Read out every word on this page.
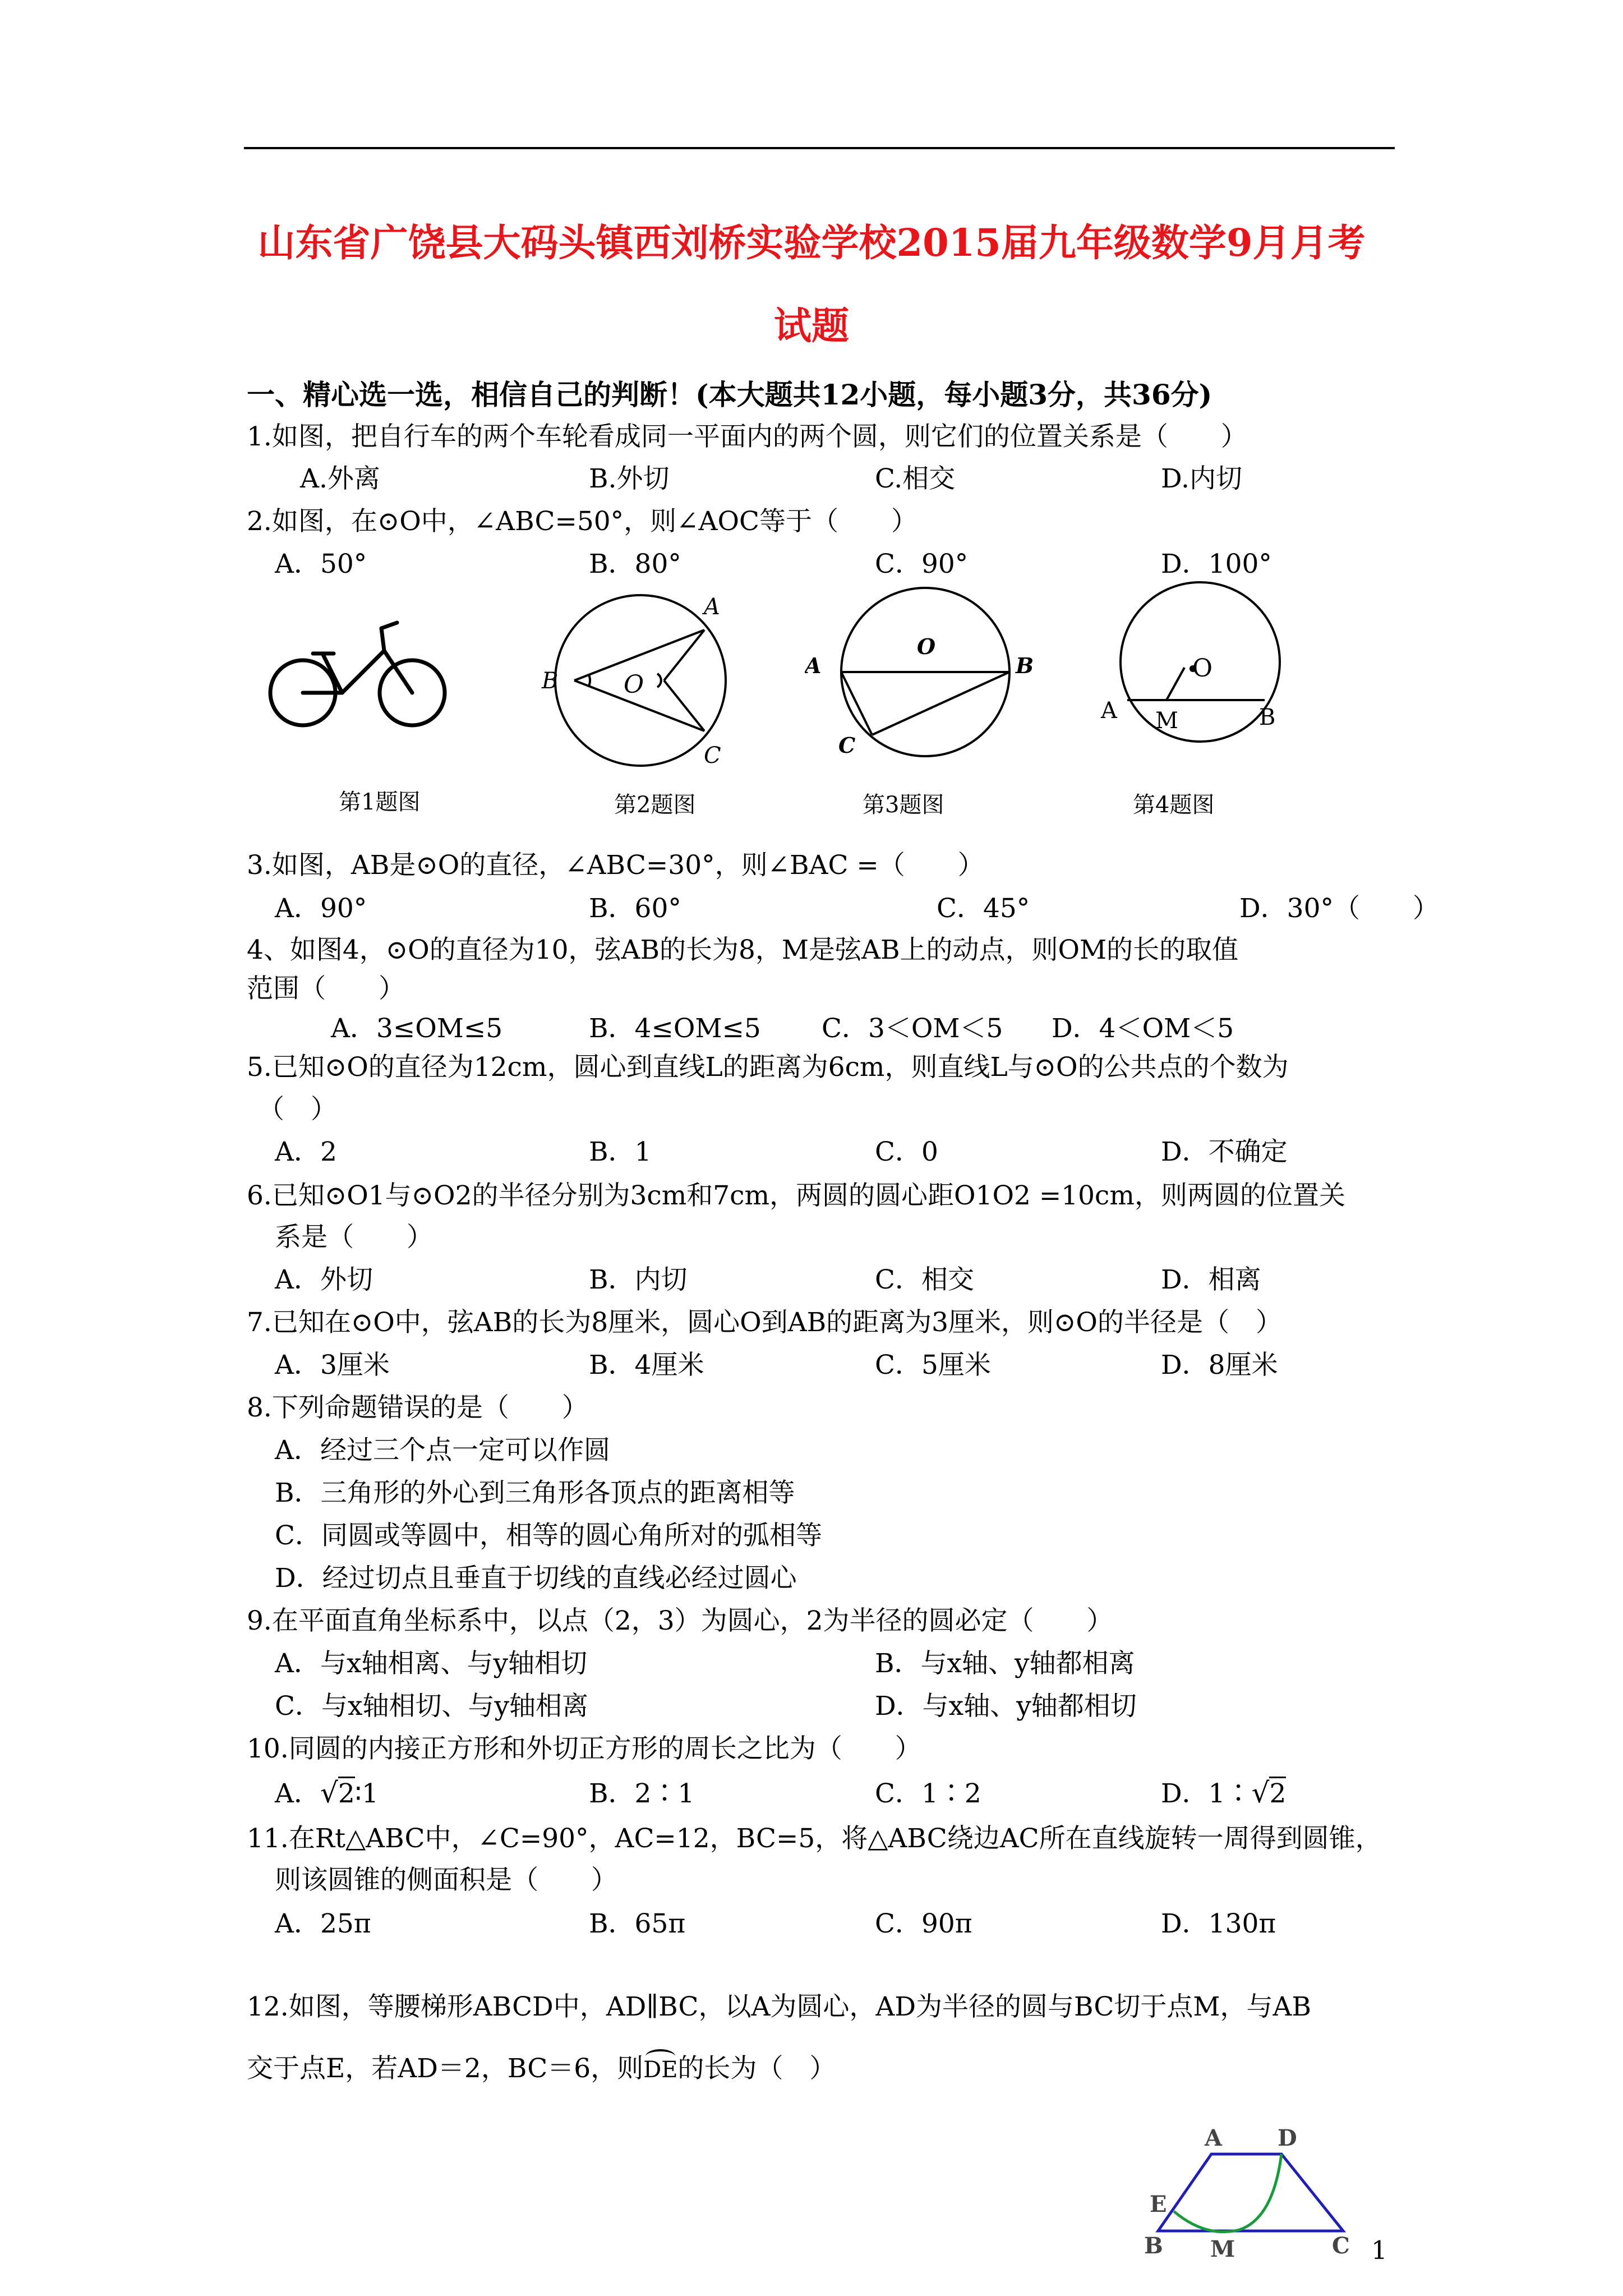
山东省广饶县大码头镇西刘桥实验学校2015届九年级数学9月月考
试题
一、精心选一选，相信自己的判断！(本大题共12小题，每小题3分，共36分)
1.如图，把自行车的两个车轮看成同一平面内的两个圆，则它们的位置关系是（　　）
A.外离	B.外切	C.相交	D.内切
2.如图，在⊙O中，∠ABC=50°，则∠AOC等于（　　）
A．50°	B．80°	C．90°	D．100°
第1题图
A
B
C
O
第2题图
A	B
C
O
第3题图
O
A M	B
第4题图
3.如图，AB是⊙O的直径，∠ABC=30°，则∠BAC =（　　）
A．90°	B．60°	C．45°	D．30°（　　）
4、如图4，⊙O的直径为10，弦AB的长为8，M是弦AB上的动点，则OM的长的取值
范围（　　）
A．3≤OM≤5	B．4≤OM≤5 C．3＜OM＜5 D．4＜OM＜5
5.已知⊙O的直径为12cm，圆心到直线L的距离为6cm，则直线L与⊙O的公共点的个数为
（　）
A．2	B．1	C．0	D．不确定
6.已知⊙O1与⊙O2的半径分别为3cm和7cm，两圆的圆心距O1O2 =10cm，则两圆的位置关
系是（　　）
A．外切	B．内切	C．相交	D．相离
7.已知在⊙O中，弦AB的长为8厘米，圆心O到AB的距离为3厘米，则⊙O的半径是（　）
A．3厘米	B．4厘米	C．5厘米	D．8厘米
8.下列命题错误的是（　　）
A．经过三个点一定可以作圆
B．三角形的外心到三角形各顶点的距离相等
C．同圆或等圆中，相等的圆心角所对的弧相等
D．经过切点且垂直于切线的直线必经过圆心
9.在平面直角坐标系中，以点（2，3）为圆心，2为半径的圆必定（　　）
A．与x轴相离、与y轴相切	B．与x轴、y轴都相离
C．与x轴相切、与y轴相离	D．与x轴、y轴都相切
10.同圆的内接正方形和外切正方形的周长之比为（　　）
A．√2∶1	B．2∶1	C．1∶2	D．1∶√2
11.在Rt△ABC中，∠C=90°，AC=12，BC=5，将△ABC绕边AC所在直线旋转一周得到圆锥，
则该圆锥的侧面积是（　　）
A．25π	B．65π	C．90π	D．130π
12.如图，等腰梯形ABCD中，AD∥BC，以A为圆心，AD为半径的圆与BC切于点M，与AB
交于点E，若AD＝2，BC＝6，则DE的长为（　）
A D
E
B M	C 1
